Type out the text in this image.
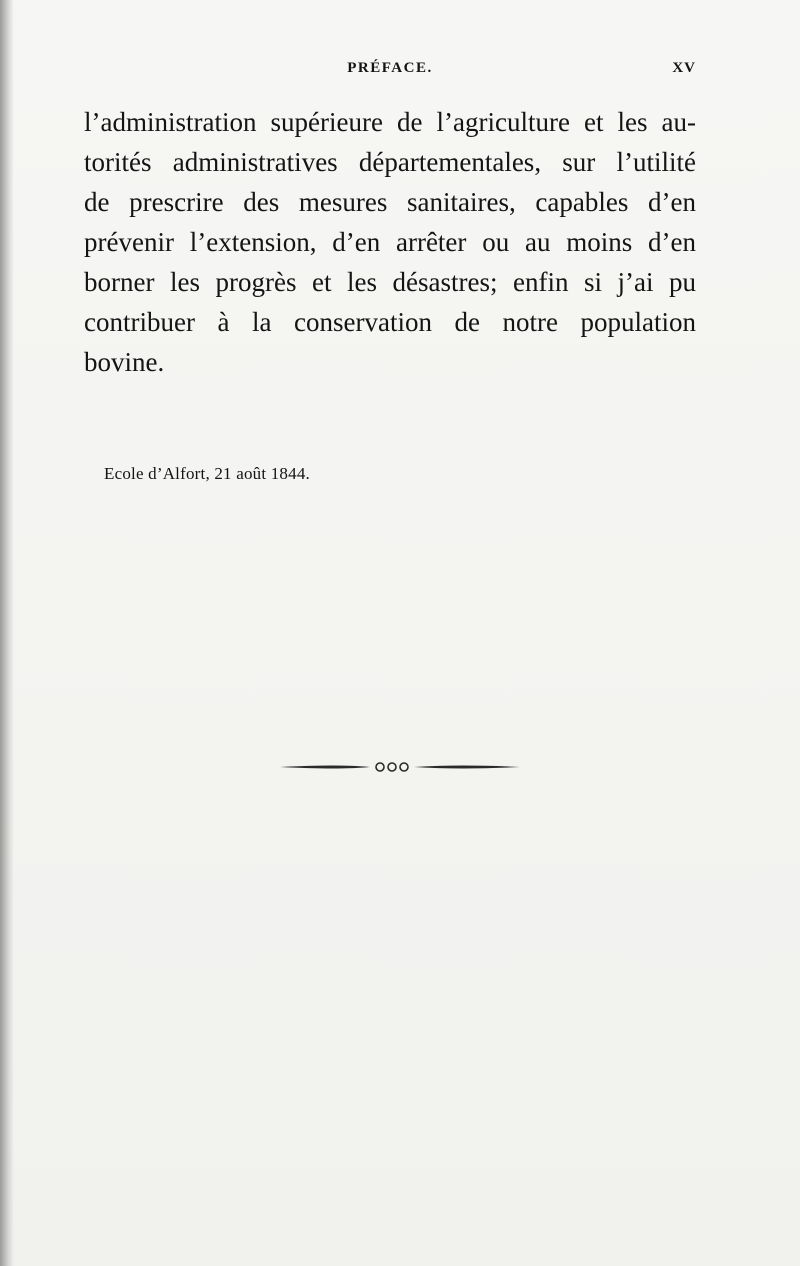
PRÉFACE.	XV
l’administration supérieure de l’agriculture et les au-
torités administratives départementales, sur l’utilité
de prescrire des mesures sanitaires, capables d’en
prévenir l’extension, d’en arrêter ou au moins d’en
borner les progrès et les désastres; enfin si j’ai pu
contribuer à la conservation de notre population
bovine.
Ecole d’Alfort, 21 août 1844.
